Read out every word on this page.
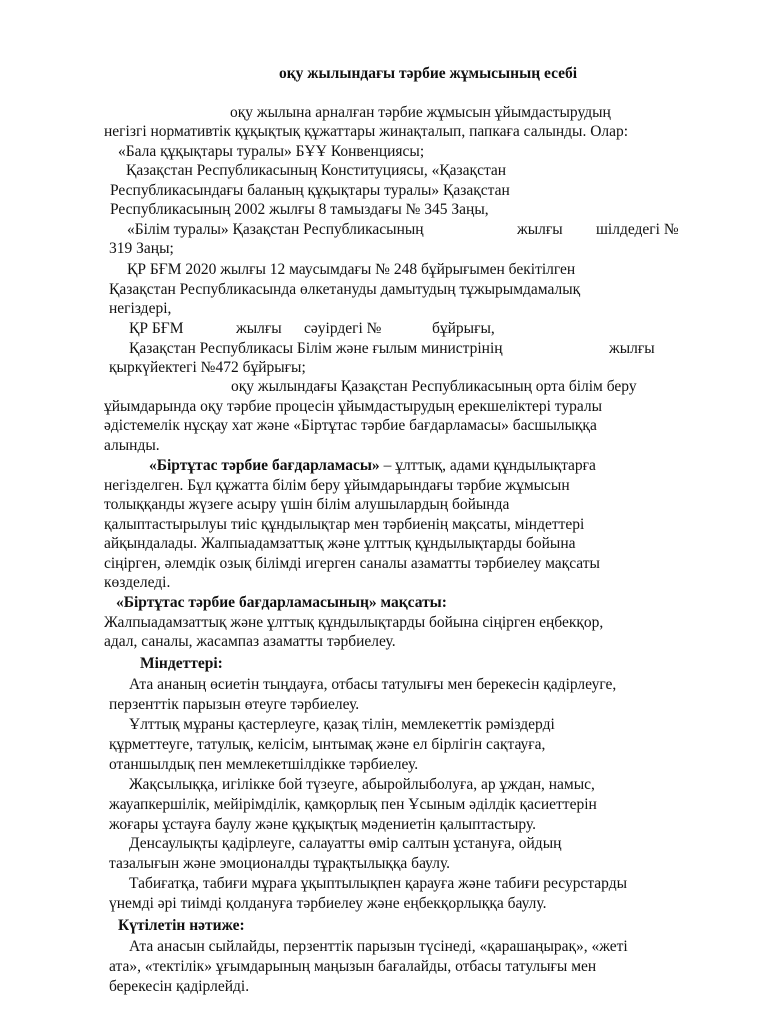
оқу жылындағы тәрбие жұмысының есебі
оқу жылына арналған тәрбие жұмысын ұйымдастырудың
негізгі нормативтік құқықтық құжаттары жинақталып, папкаға салынды. Олар:
«Бала құқықтары туралы» БҰҰ Конвенциясы;
Қазақстан Республикасының Конституциясы, «Қазақстан
Республикасындағы баланың құқықтары туралы» Қазақстан
Республикасының 2002 жылғы 8 тамыздағы № 345 Заңы,
«Білім туралы» Қазақстан Республикасының	жылғы шілдедегі №
319 Заңы;
ҚР БҒМ 2020 жылғы 12 маусымдағы № 248 бұйрығымен бекітілген
Қазақстан Республикасында өлкетануды дамытудың тұжырымдамалық
негіздері,
ҚР БҒМ	жылғы сәуірдегі №	бұйрығы,
Қазақстан Республикасы Білім және ғылым министрінің	жылғы
қыркүйектегі №472 бұйрығы;
оқу жылындағы Қазақстан Республикасының орта білім беру
ұйымдарында оқу тәрбие процесін ұйымдастырудың ерекшеліктері туралы
әдістемелік нұсқау хат және «Біртұтас тәрбие бағдарламасы» басшылыққа
алынды.
«Біртұтас тәрбие бағдарламасы» – ұлттық, адами құндылықтарға
негізделген. Бұл құжатта білім беру ұйымдарындағы тәрбие жұмысын
толыққанды жүзеге асыру үшін білім алушылардың бойында
қалыптастырылуы тиіс құндылықтар мен тәрбиенің мақсаты, міндеттері
айқындалады. Жалпыадамзаттық және ұлттық құндылықтарды бойына
сіңірген, әлемдік озық білімді игерген саналы азаматты тәрбиелеу мақсаты
көзделеді.
«Біртұтас тәрбие бағдарламасының» мақсаты:
Жалпыадамзаттық және ұлттық құндылықтарды бойына сіңірген еңбекқор,
адал, саналы, жасампаз азаматты тәрбиелеу.
Міндеттері:
Ата ананың өсиетін тыңдауға, отбасы татулығы мен берекесін қадірлеуге,
перзенттік парызын өтеуге тәрбиелеу.
Ұлттық мұраны қастерлеуге, қазақ тілін, мемлекеттік рәміздерді
құрметтеуге, татулық, келісім, ынтымақ және ел бірлігін сақтауға,
отаншылдық пен мемлекетшілдікке тәрбиелеу.
Жақсылыққа, игілікке бой түзеуге, абыройлыболуға, ар ұждан, намыс,
жауапкершілік, мейірімділік, қамқорлық пен Ұсыным әділдік қасиеттерін
жоғары ұстауға баулу және құқықтық мәдениетін қалыптастыру.
Денсаулықты қадірлеуге, салауатты өмір салтын ұстануға, ойдың
тазалығын және эмоционалды тұрақтылыққа баулу.
Табиғатқа, табиғи мұраға ұқыптылықпен қарауға және табиғи ресурстарды
үнемді әрі тиімді қолдануға тәрбиелеу және еңбекқорлыққа баулу.
Күтілетін нәтиже:
Ата анасын сыйлайды, перзенттік парызын түсінеді, «қарашаңырақ», «жеті
ата», «тектілік» ұғымдарының маңызын бағалайды, отбасы татулығы мен
берекесін қадірлейді.
